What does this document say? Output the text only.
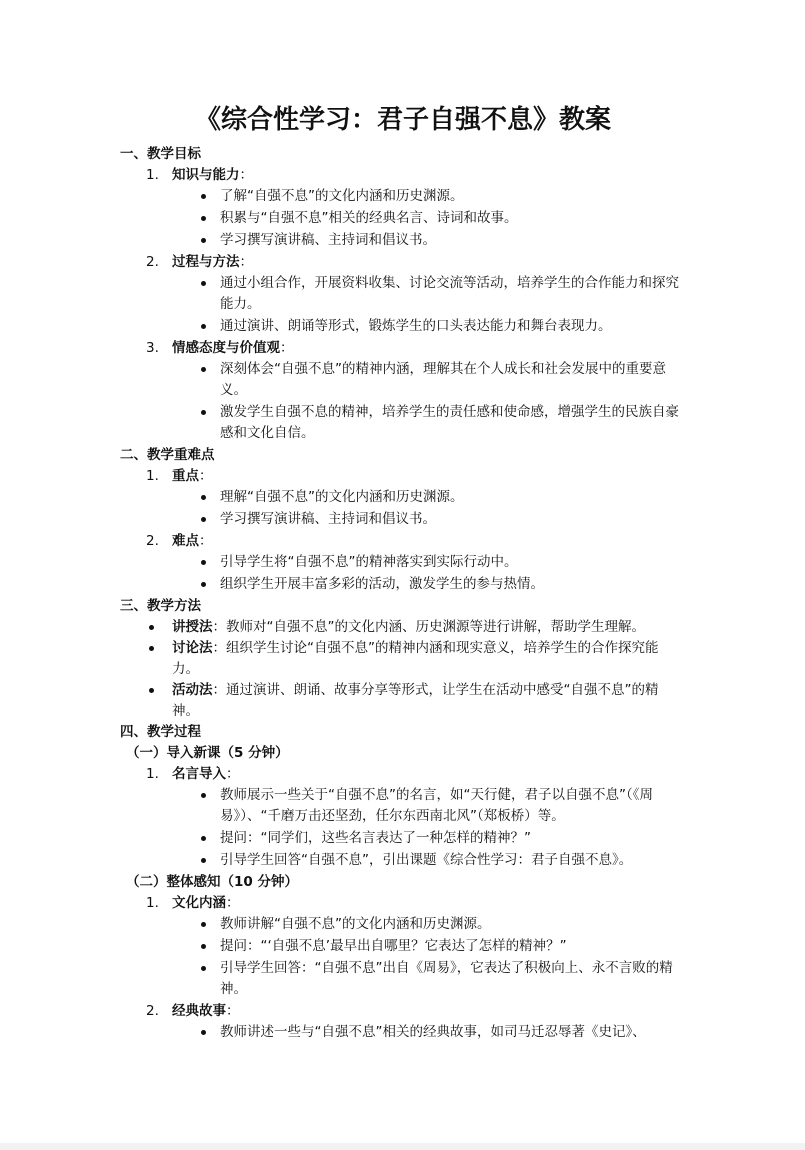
《综合性学习：君子自强不息》教案
一、教学目标
1. 知识与能力：
了解“自强不息”的文化内涵和历史渊源。
积累与“自强不息”相关的经典名言、诗词和故事。
学习撰写演讲稿、主持词和倡议书。
2. 过程与方法：
通过小组合作，开展资料收集、讨论交流等活动，培养学生的合作能力和探究能力。
通过演讲、朗诵等形式，锻炼学生的口头表达能力和舞台表现力。
3. 情感态度与价值观：
深刻体会“自强不息”的精神内涵，理解其在个人成长和社会发展中的重要意义。
激发学生自强不息的精神，培养学生的责任感和使命感，增强学生的民族自豪感和文化自信。
二、教学重难点
1. 重点：
理解“自强不息”的文化内涵和历史渊源。
学习撰写演讲稿、主持词和倡议书。
2. 难点：
引导学生将“自强不息”的精神落实到实际行动中。
组织学生开展丰富多彩的活动，激发学生的参与热情。
三、教学方法
讲授法：教师对“自强不息”的文化内涵、历史渊源等进行讲解，帮助学生理解。
讨论法：组织学生讨论“自强不息”的精神内涵和现实意义，培养学生的合作探究能力。
活动法：通过演讲、朗诵、故事分享等形式，让学生在活动中感受“自强不息”的精神。
四、教学过程
（一）导入新课（5 分钟）
1. 名言导入：
教师展示一些关于“自强不息”的名言，如“天行健，君子以自强不息”（《周易》）、“千磨万击还坚劲，任尔东西南北风”（郑板桥）等。
提问：“同学们，这些名言表达了一种怎样的精神？”
引导学生回答“自强不息”，引出课题《综合性学习：君子自强不息》。
（二）整体感知（10 分钟）
1. 文化内涵：
教师讲解“自强不息”的文化内涵和历史渊源。
提问：“‘自强不息’最早出自哪里？它表达了怎样的精神？”
引导学生回答：“自强不息”出自《周易》，它表达了积极向上、永不言败的精神。
2. 经典故事：
教师讲述一些与“自强不息”相关的经典故事，如司马迁忍辱著《史记》、
